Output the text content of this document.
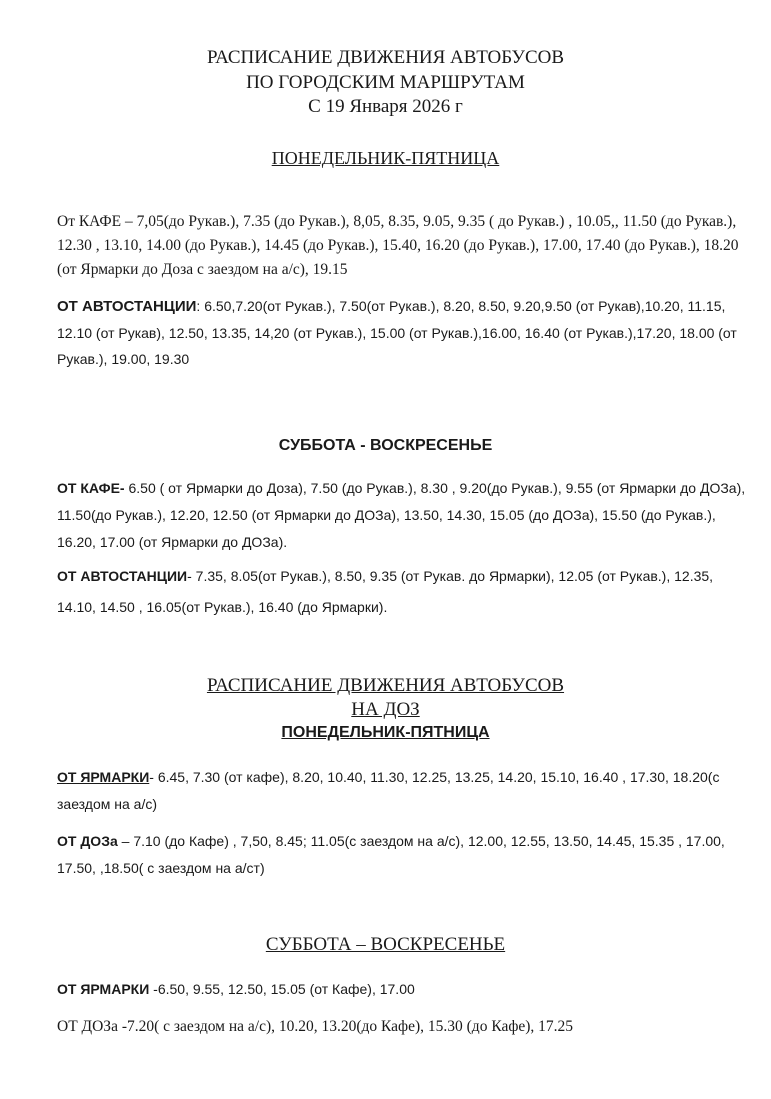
РАСПИСАНИЕ ДВИЖЕНИЯ АВТОБУСОВ
ПО ГОРОДСКИМ МАРШРУТАМ
С 19 Января 2026 г
ПОНЕДЕЛЬНИК-ПЯТНИЦА
От КАФЕ – 7,05(до Рукав.), 7.35 (до Рукав.), 8,05, 8.35, 9.05, 9.35 ( до Рукав.) , 10.05,, 11.50 (до Рукав.), 12.30 , 13.10, 14.00 (до Рукав.), 14.45 (до Рукав.), 15.40, 16.20 (до Рукав.), 17.00, 17.40 (до Рукав.), 18.20 (от Ярмарки до Доза с заездом на а/с), 19.15
ОТ АВТОСТАНЦИИ: 6.50,7.20(от Рукав.), 7.50(от Рукав.), 8.20, 8.50, 9.20,9.50 (от Рукав),10.20, 11.15, 12.10 (от Рукав), 12.50, 13.35, 14,20 (от Рукав.), 15.00 (от Рукав.),16.00, 16.40 (от Рукав.),17.20, 18.00 (от Рукав.), 19.00, 19.30
СУББОТА - ВОСКРЕСЕНЬЕ
ОТ КАФЕ- 6.50 ( от Ярмарки до Доза), 7.50 (до Рукав.), 8.30 , 9.20(до Рукав.), 9.55 (от Ярмарки до ДОЗа), 11.50(до Рукав.), 12.20, 12.50 (от Ярмарки до ДОЗа), 13.50, 14.30, 15.05 (до ДОЗа), 15.50 (до Рукав.), 16.20, 17.00 (от Ярмарки до ДОЗа).
ОТ АВТОСТАНЦИИ- 7.35, 8.05(от Рукав.), 8.50, 9.35 (от Рукав. до Ярмарки), 12.05 (от Рукав.), 12.35, 14.10, 14.50 , 16.05(от Рукав.), 16.40 (до Ярмарки).
РАСПИСАНИЕ ДВИЖЕНИЯ АВТОБУСОВ
НА ДОЗ
ПОНЕДЕЛЬНИК-ПЯТНИЦА
ОТ ЯРМАРКИ- 6.45, 7.30 (от кафе), 8.20, 10.40, 11.30, 12.25, 13.25, 14.20, 15.10, 16.40 , 17.30, 18.20(с заездом на а/с)
ОТ ДОЗа – 7.10 (до Кафе) , 7,50, 8.45; 11.05(с заездом на а/с), 12.00, 12.55, 13.50, 14.45, 15.35 , 17.00, 17.50, ,18.50( с заездом на а/ст)
СУББОТА – ВОСКРЕСЕНЬЕ
ОТ ЯРМАРКИ -6.50, 9.55, 12.50, 15.05 (от Кафе), 17.00
ОТ ДОЗа -7.20( с заездом на а/с), 10.20, 13.20(до Кафе), 15.30 (до Кафе), 17.25
